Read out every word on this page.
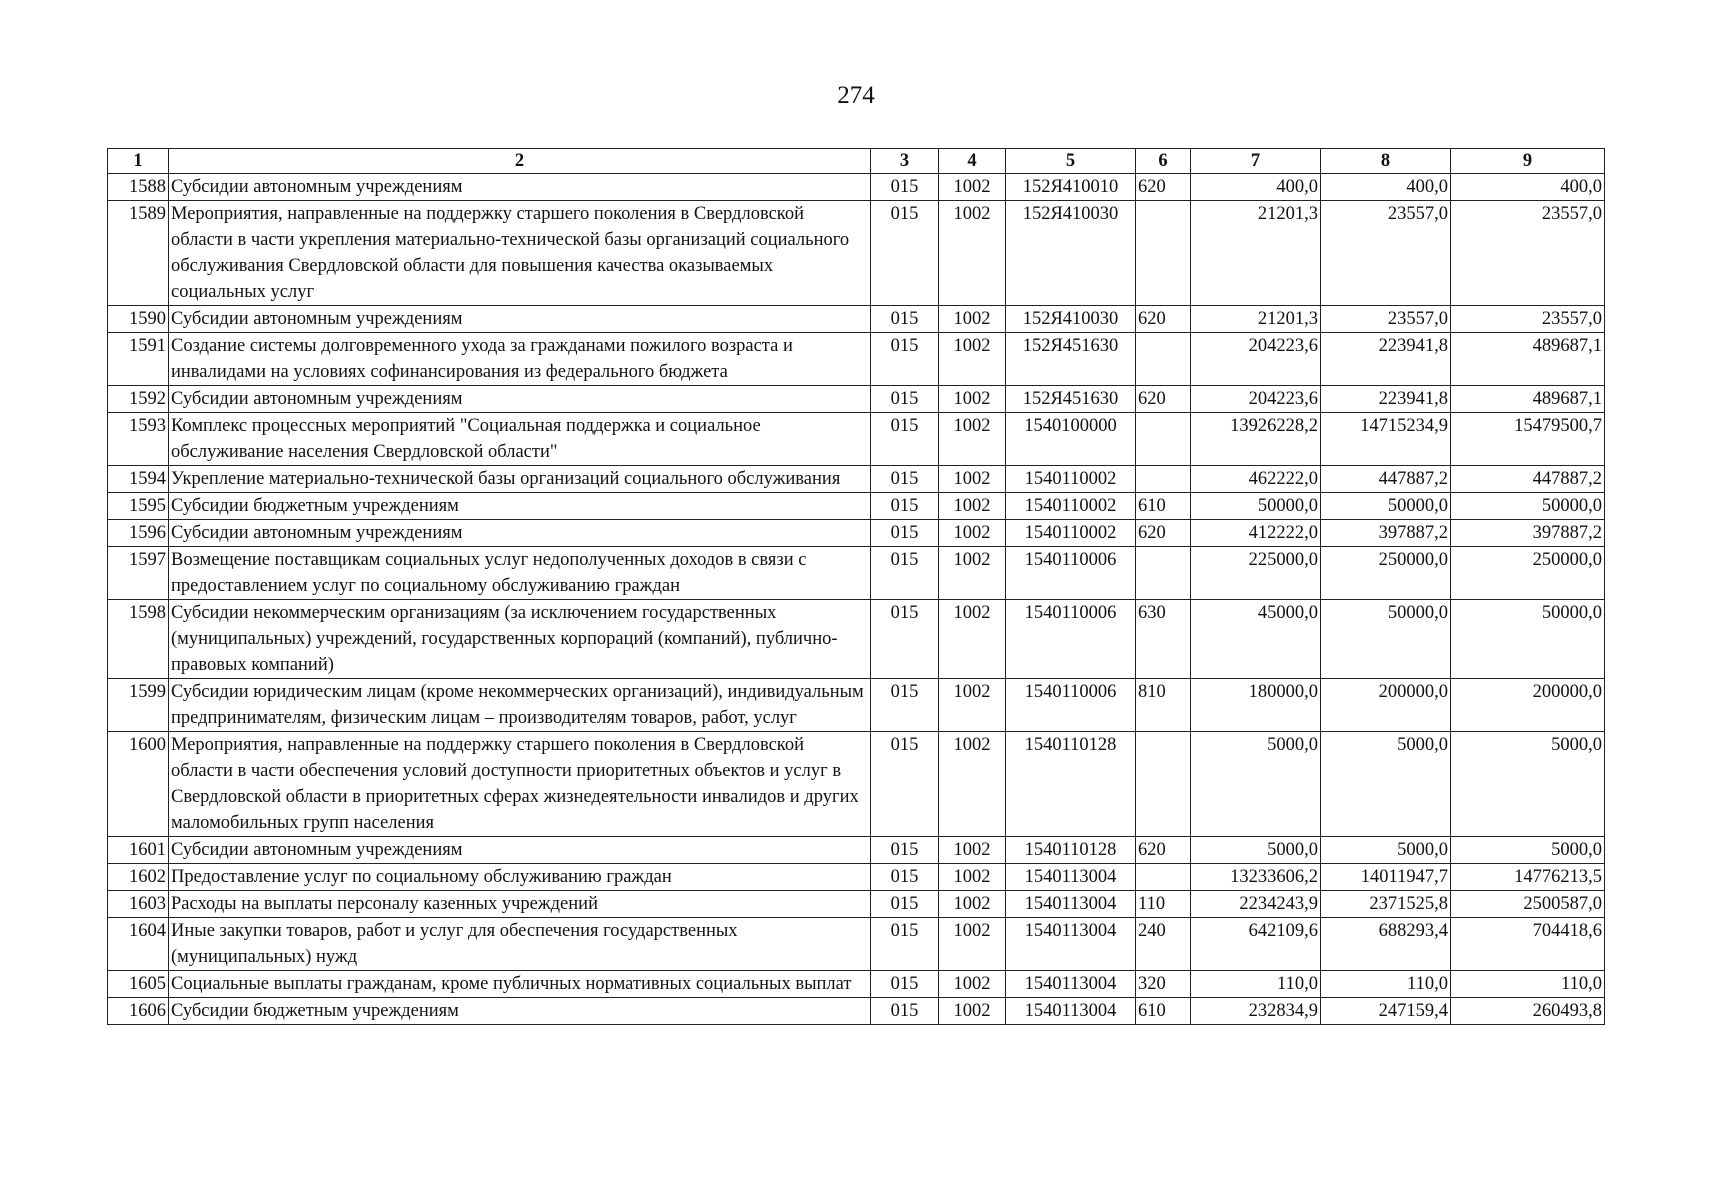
274
1	2	3	4	5	6	7	8	9
1588	Субсидии автономным учреждениям	015	1002	152Я410010	620	400,0	400,0	400,0
1589	Мероприятия, направленные на поддержку старшего поколения в Свердловской области в части укрепления материально-технической базы организаций социального обслуживания Свердловской области для повышения качества оказываемых социальных услуг	015	1002	152Я410030		21201,3	23557,0	23557,0
1590	Субсидии автономным учреждениям	015	1002	152Я410030	620	21201,3	23557,0	23557,0
1591	Создание системы долговременного ухода за гражданами пожилого возраста и инвалидами на условиях софинансирования из федерального бюджета	015	1002	152Я451630		204223,6	223941,8	489687,1
1592	Субсидии автономным учреждениям	015	1002	152Я451630	620	204223,6	223941,8	489687,1
1593	Комплекс процессных мероприятий "Социальная поддержка и социальное обслуживание населения Свердловской области"	015	1002	1540100000		13926228,2	14715234,9	15479500,7
1594	Укрепление материально-технической базы организаций социального обслуживания	015	1002	1540110002		462222,0	447887,2	447887,2
1595	Субсидии бюджетным учреждениям	015	1002	1540110002	610	50000,0	50000,0	50000,0
1596	Субсидии автономным учреждениям	015	1002	1540110002	620	412222,0	397887,2	397887,2
1597	Возмещение поставщикам социальных услуг недополученных доходов в связи с предоставлением услуг по социальному обслуживанию граждан	015	1002	1540110006		225000,0	250000,0	250000,0
1598	Субсидии некоммерческим организациям (за исключением государственных (муниципальных) учреждений, государственных корпораций (компаний), публично-правовых компаний)	015	1002	1540110006	630	45000,0	50000,0	50000,0
1599	Субсидии юридическим лицам (кроме некоммерческих организаций), индивидуальным предпринимателям, физическим лицам – производителям товаров, работ, услуг	015	1002	1540110006	810	180000,0	200000,0	200000,0
1600	Мероприятия, направленные на поддержку старшего поколения в Свердловской области в части обеспечения условий доступности приоритетных объектов и услуг в Свердловской области в приоритетных сферах жизнедеятельности инвалидов и других маломобильных групп населения	015	1002	1540110128		5000,0	5000,0	5000,0
1601	Субсидии автономным учреждениям	015	1002	1540110128	620	5000,0	5000,0	5000,0
1602	Предоставление услуг по социальному обслуживанию граждан	015	1002	1540113004		13233606,2	14011947,7	14776213,5
1603	Расходы на выплаты персоналу казенных учреждений	015	1002	1540113004	110	2234243,9	2371525,8	2500587,0
1604	Иные закупки товаров, работ и услуг для обеспечения государственных (муниципальных) нужд	015	1002	1540113004	240	642109,6	688293,4	704418,6
1605	Социальные выплаты гражданам, кроме публичных нормативных социальных выплат	015	1002	1540113004	320	110,0	110,0	110,0
1606	Субсидии бюджетным учреждениям	015	1002	1540113004	610	232834,9	247159,4	260493,8
